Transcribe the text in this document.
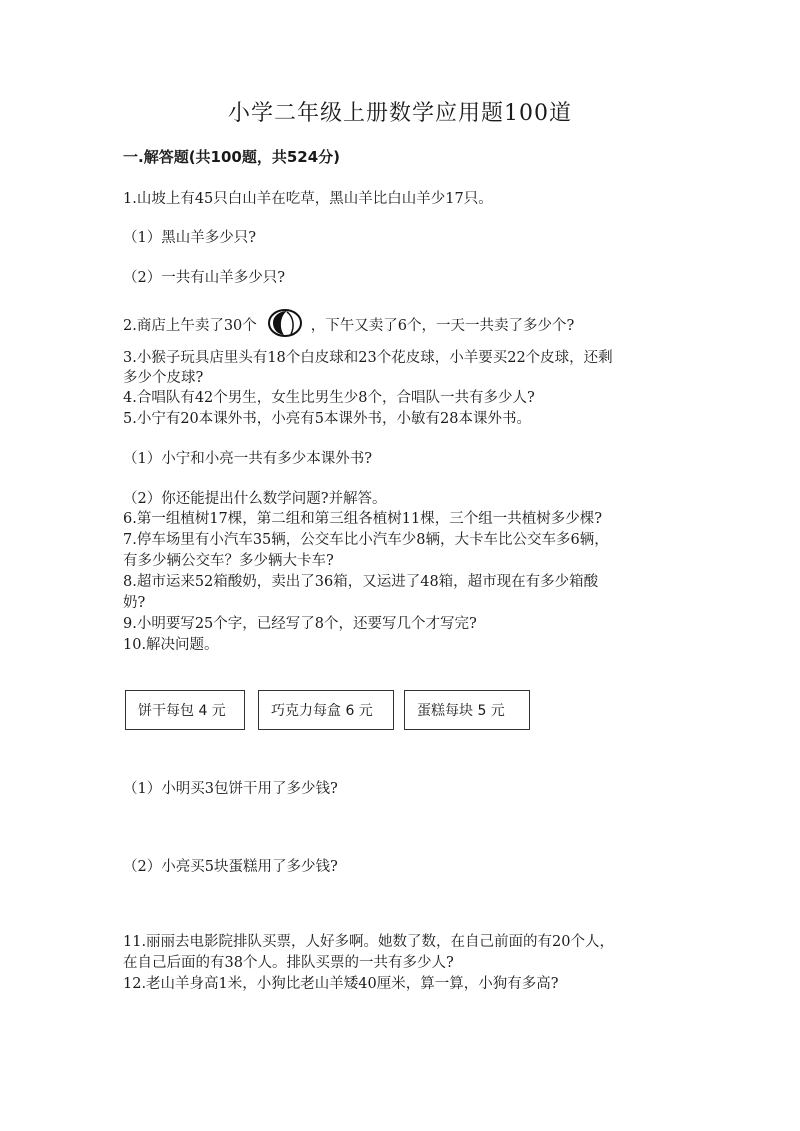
小学二年级上册数学应用题100道
一.解答题(共100题，共524分)
1.山坡上有45只白山羊在吃草，黑山羊比白山羊少17只。
（1）黑山羊多少只?
（2）一共有山羊多少只?
2.商店上午卖了30个	，下午又卖了6个，一天一共卖了多少个?
3.小猴子玩具店里头有18个白皮球和23个花皮球，小羊要买22个皮球，还剩
多少个皮球?
4.合唱队有42个男生，女生比男生少8个，合唱队一共有多少人?
5.小宁有20本课外书，小亮有5本课外书，小敏有28本课外书。
（1）小宁和小亮一共有多少本课外书?
（2）你还能提出什么数学问题?并解答。
6.第一组植树17棵，第二组和第三组各植树11棵，三个组一共植树多少棵?
7.停车场里有小汽车35辆，公交车比小汽车少8辆，大卡车比公交车多6辆，
有多少辆公交车？多少辆大卡车?
8.超市运来52箱酸奶，卖出了36箱，又运进了48箱，超市现在有多少箱酸
奶?
9.小明要写25个字，已经写了8个，还要写几个才写完?
10.解决问题。
饼干每包 4 元	巧克力每盒 6 元	蛋糕每块 5 元
（1）小明买3包饼干用了多少钱?
（2）小亮买5块蛋糕用了多少钱?
11.丽丽去电影院排队买票，人好多啊。她数了数，在自己前面的有20个人，
在自己后面的有38个人。排队买票的一共有多少人?
12.老山羊身高1米，小狗比老山羊矮40厘米，算一算，小狗有多高?
